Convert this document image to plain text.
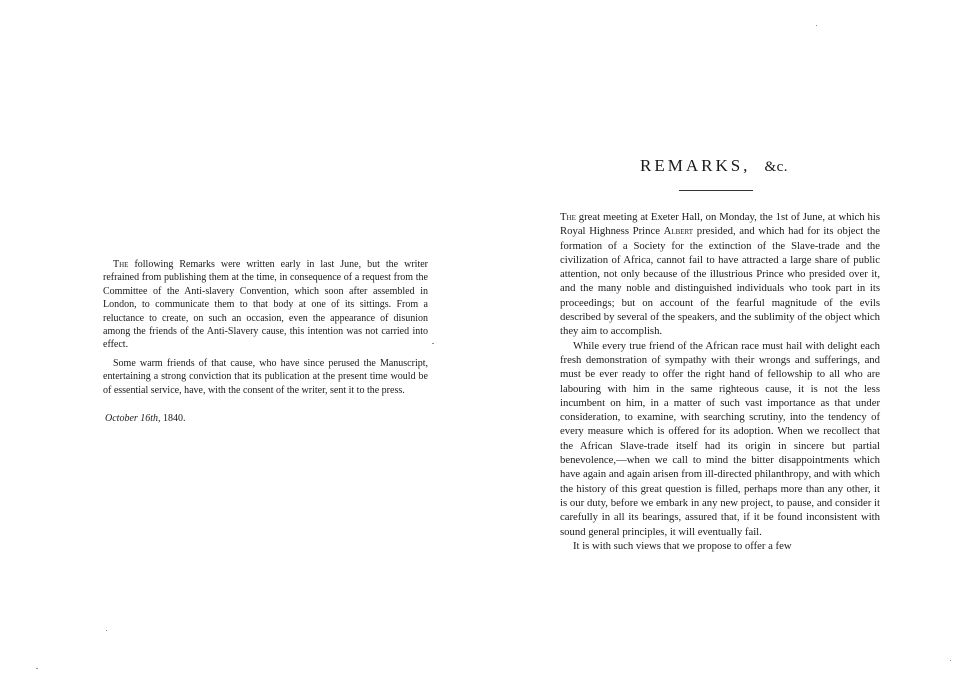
The following Remarks were written early in last June, but the writer refrained from publishing them at the time, in consequence of a request from the Committee of the Anti-slavery Convention, which soon after assembled in London, to communicate them to that body at one of its sittings. From a reluctance to create, on such an occasion, even the appearance of disunion among the friends of the Anti-Slavery cause, this intention was not carried into effect.

Some warm friends of that cause, who have since perused the Manuscript, entertaining a strong conviction that its publication at the present time would be of essential service, have, with the consent of the writer, sent it to the press.

October 16th, 1840.

REMARKS, &c.

The great meeting at Exeter Hall, on Monday, the 1st of June, at which his Royal Highness Prince Albert presided, and which had for its object the formation of a Society for the extinction of the Slave-trade and the civilization of Africa, cannot fail to have attracted a large share of public attention, not only because of the illustrious Prince who presided over it, and the many noble and distinguished individuals who took part in its proceedings; but on account of the fearful magnitude of the evils described by several of the speakers, and the sublimity of the object which they aim to accomplish.

While every true friend of the African race must hail with delight each fresh demonstration of sympathy with their wrongs and sufferings, and must be ever ready to offer the right hand of fellowship to all who are labouring with him in the same righteous cause, it is not the less incumbent on him, in a matter of such vast importance as that under consideration, to examine, with searching scrutiny, into the tendency of every measure which is offered for its adoption. When we recollect that the African Slave-trade itself had its origin in sincere but partial benevolence,—when we call to mind the bitter disappointments which have again and again arisen from ill-directed philanthropy, and with which the history of this great question is filled, perhaps more than any other, it is our duty, before we embark in any new project, to pause, and consider it carefully in all its bearings, assured that, if it be found inconsistent with sound general principles, it will eventually fail.

It is with such views that we propose to offer a few
